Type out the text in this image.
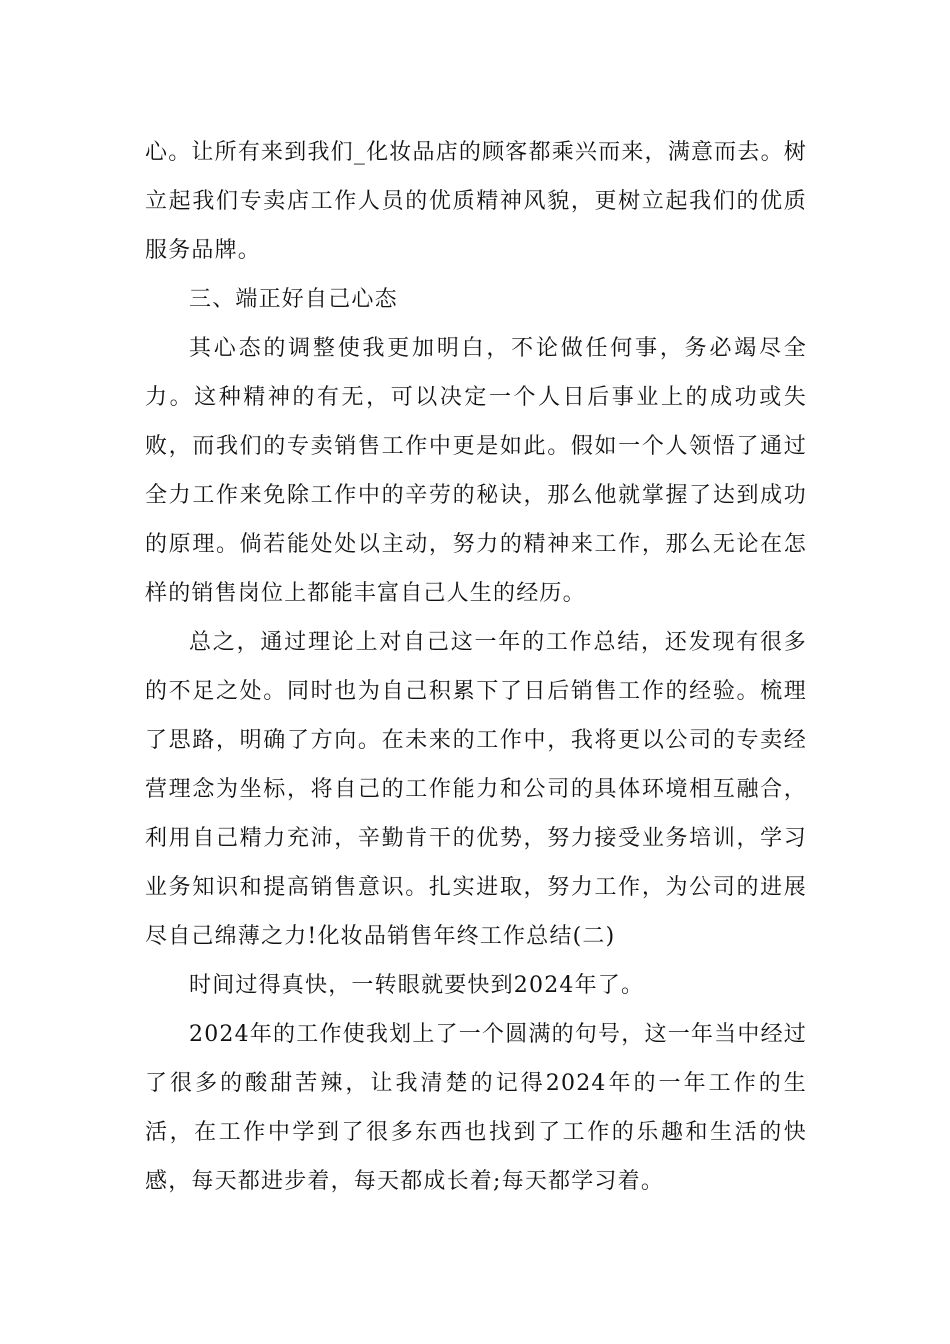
心。让所有来到我们_化妆品店的顾客都乘兴而来，满意而去。树立起我们专卖店工作人员的优质精神风貌，更树立起我们的优质服务品牌。

三、端正好自己心态

其心态的调整使我更加明白，不论做任何事，务必竭尽全力。这种精神的有无，可以决定一个人日后事业上的成功或失败，而我们的专卖销售工作中更是如此。假如一个人领悟了通过全力工作来免除工作中的辛劳的秘诀，那么他就掌握了达到成功的原理。倘若能处处以主动，努力的精神来工作，那么无论在怎样的销售岗位上都能丰富自己人生的经历。

总之，通过理论上对自己这一年的工作总结，还发现有很多的不足之处。同时也为自己积累下了日后销售工作的经验。梳理了思路，明确了方向。在未来的工作中，我将更以公司的专卖经营理念为坐标，将自己的工作能力和公司的具体环境相互融合，利用自己精力充沛，辛勤肯干的优势，努力接受业务培训，学习业务知识和提高销售意识。扎实进取，努力工作，为公司的进展尽自己绵薄之力!化妆品销售年终工作总结(二)

时间过得真快，一转眼就要快到2024年了。

2024年的工作使我划上了一个圆满的句号，这一年当中经过了很多的酸甜苦辣，让我清楚的记得2024年的一年工作的生活，在工作中学到了很多东西也找到了工作的乐趣和生活的快感，每天都进步着，每天都成长着;每天都学习着。
